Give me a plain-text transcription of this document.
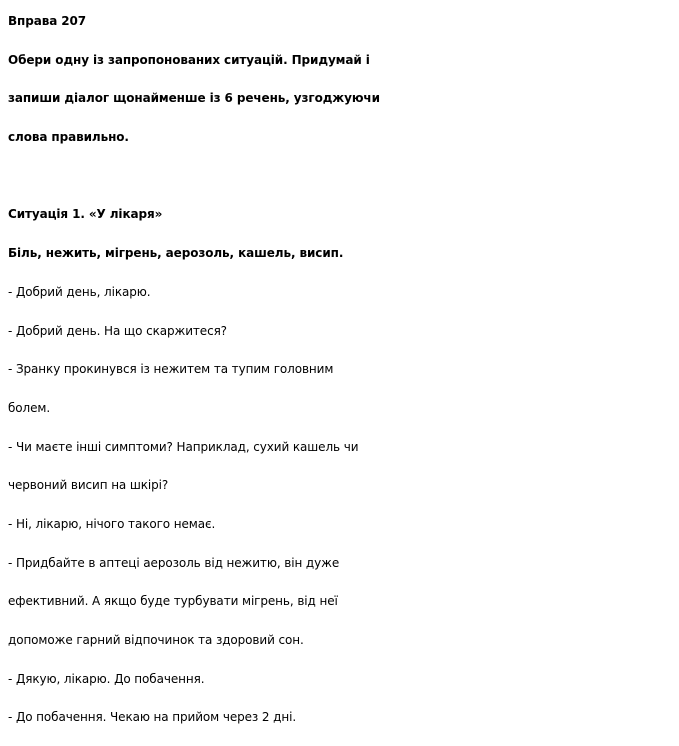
Вправа 207
Обери одну із запропонованих ситуацій. Придумай і
запиши діалог щонайменше із 6 речень, узгоджуючи
слова правильно.
Ситуація 1. «У лікаря»
Біль, нежить, мігрень, аерозоль, кашель, висип.
- Добрий день, лікарю.
- Добрий день. На що скаржитеся?
- Зранку прокинувся із нежитем та тупим головним
болем.
- Чи маєте інші симптоми? Наприклад, сухий кашель чи
червоний висип на шкірі?
- Ні, лікарю, нічого такого немає.
- Придбайте в аптеці аерозоль від нежитю, він дуже
ефективний. А якщо буде турбувати мігрень, від неї
допоможе гарний відпочинок та здоровий сон.
- Дякую, лікарю. До побачення.
- До побачення. Чекаю на прийом через 2 дні.
